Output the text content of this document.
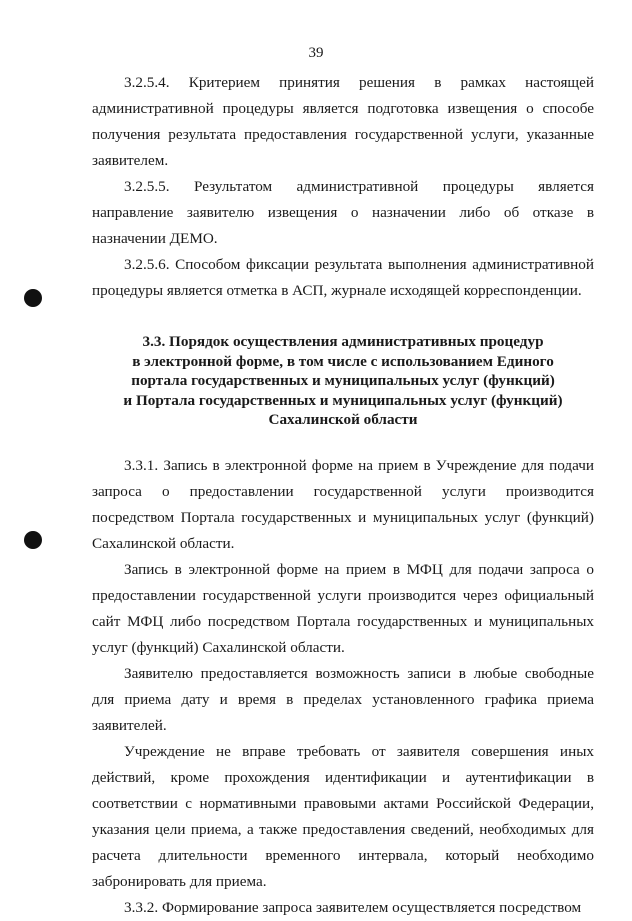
39

3.2.5.4. Критерием принятия решения в рамках настоящей административной процедуры является подготовка извещения о способе получения результата предоставления государственной услуги, указанные заявителем.

3.2.5.5. Результатом административной процедуры является направление заявителю извещения о назначении либо об отказе в назначении ДЕМО.

3.2.5.6. Способом фиксации результата выполнения административной процедуры является отметка в АСП, журнале исходящей корреспонденции.

3.3. Порядок осуществления административных процедур
в электронной форме, в том числе с использованием Единого
портала государственных и муниципальных услуг (функций)
и Портала государственных и муниципальных услуг (функций)
Сахалинской области

3.3.1. Запись в электронной форме на прием в Учреждение для подачи запроса о предоставлении государственной услуги производится посредством Портала государственных и муниципальных услуг (функций) Сахалинской области.

Запись в электронной форме на прием в МФЦ для подачи запроса о предоставлении государственной услуги производится через официальный сайт МФЦ либо посредством Портала государственных и муниципальных услуг (функций) Сахалинской области.

Заявителю предоставляется возможность записи в любые свободные для приема дату и время в пределах установленного графика приема заявителей.

Учреждение не вправе требовать от заявителя совершения иных действий, кроме прохождения идентификации и аутентификации в соответствии с нормативными правовыми актами Российской Федерации, указания цели приема, а также предоставления сведений, необходимых для расчета длительности временного интервала, который необходимо забронировать для приема.

3.3.2. Формирование запроса заявителем осуществляется посредством
